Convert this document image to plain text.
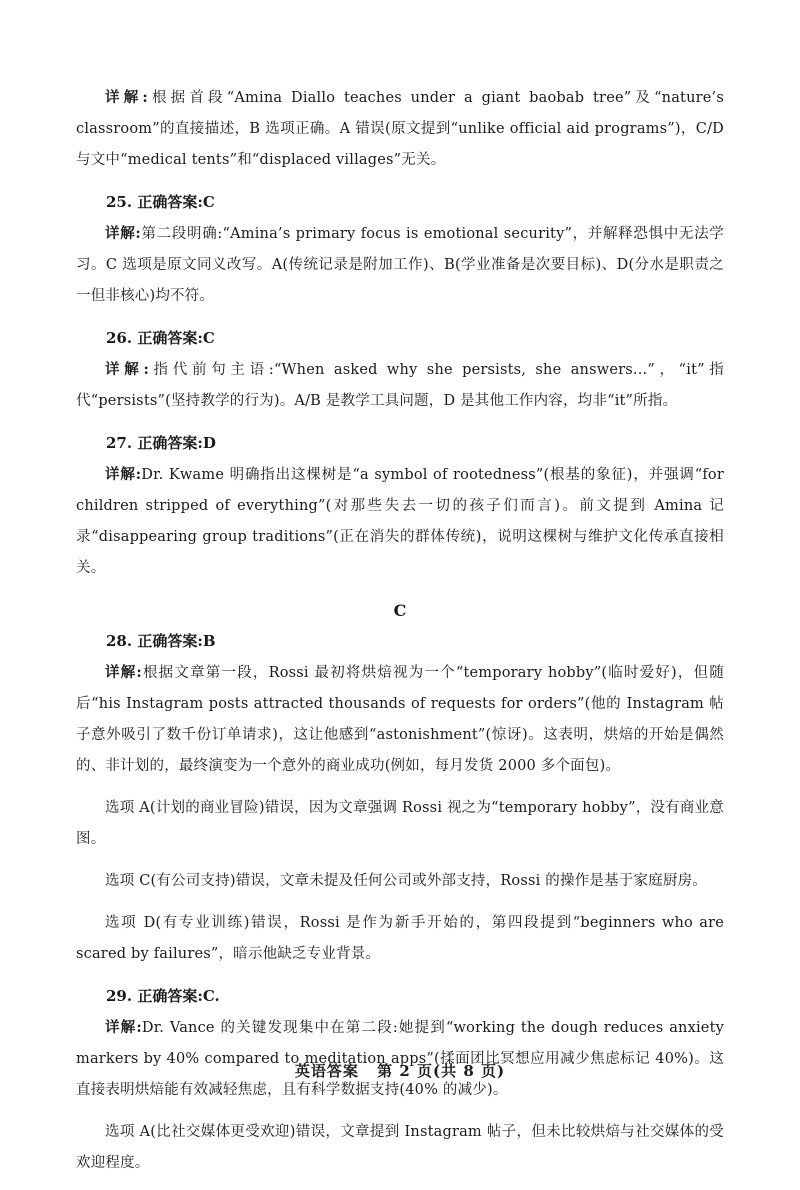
详解:根据首段“Amina Diallo teaches under a giant baobab tree”及“nature’s classroom”的直接描述，B 选项正确。A 错误(原文提到“unlike official aid programs”)，C/D 与文中“medical tents”和“displaced villages”无关。

25. 正确答案:C

详解:第二段明确:“Amina’s primary focus is emotional security”，并解释恐惧中无法学习。C 选项是原文同义改写。A(传统记录是附加工作)、B(学业准备是次要目标)、D(分水是职责之一但非核心)均不符。

26. 正确答案:C

详解:指代前句主语:“When asked why she persists, she answers...”，“it”指代“persists”(坚持教学的行为)。A/B 是教学工具问题，D 是其他工作内容，均非“it”所指。

27. 正确答案:D

详解:Dr. Kwame 明确指出这棵树是“a symbol of rootedness”(根基的象征)，并强调“for children stripped of everything”(对那些失去一切的孩子们而言)。前文提到 Amina 记录“disappearing group traditions”(正在消失的群体传统)，说明这棵树与维护文化传承直接相关。

C
28. 正确答案:B

详解:根据文章第一段，Rossi 最初将烘焙视为一个“temporary hobby”(临时爱好)，但随后“his Instagram posts attracted thousands of requests for orders”(他的 Instagram 帖子意外吸引了数千份订单请求)，这让他感到“astonishment”(惊讶)。这表明，烘焙的开始是偶然的、非计划的，最终演变为一个意外的商业成功(例如，每月发货 2000 多个面包)。

选项 A(计划的商业冒险)错误，因为文章强调 Rossi 视之为“temporary hobby”，没有商业意图。

选项 C(有公司支持)错误，文章未提及任何公司或外部支持，Rossi 的操作是基于家庭厨房。

选项 D(有专业训练)错误，Rossi 是作为新手开始的，第四段提到“beginners who are scared by failures”，暗示他缺乏专业背景。

29. 正确答案:C.

详解:Dr. Vance 的关键发现集中在第二段:她提到“working the dough reduces anxiety markers by 40% compared to meditation apps”(揉面团比冥想应用减少焦虑标记 40%)。这直接表明烘焙能有效减轻焦虑，且有科学数据支持(40% 的减少)。

选项 A(比社交媒体更受欢迎)错误，文章提到 Instagram 帖子，但未比较烘焙与社交媒体的受欢迎程度。

英语答案 第 2 页(共 8 页)
